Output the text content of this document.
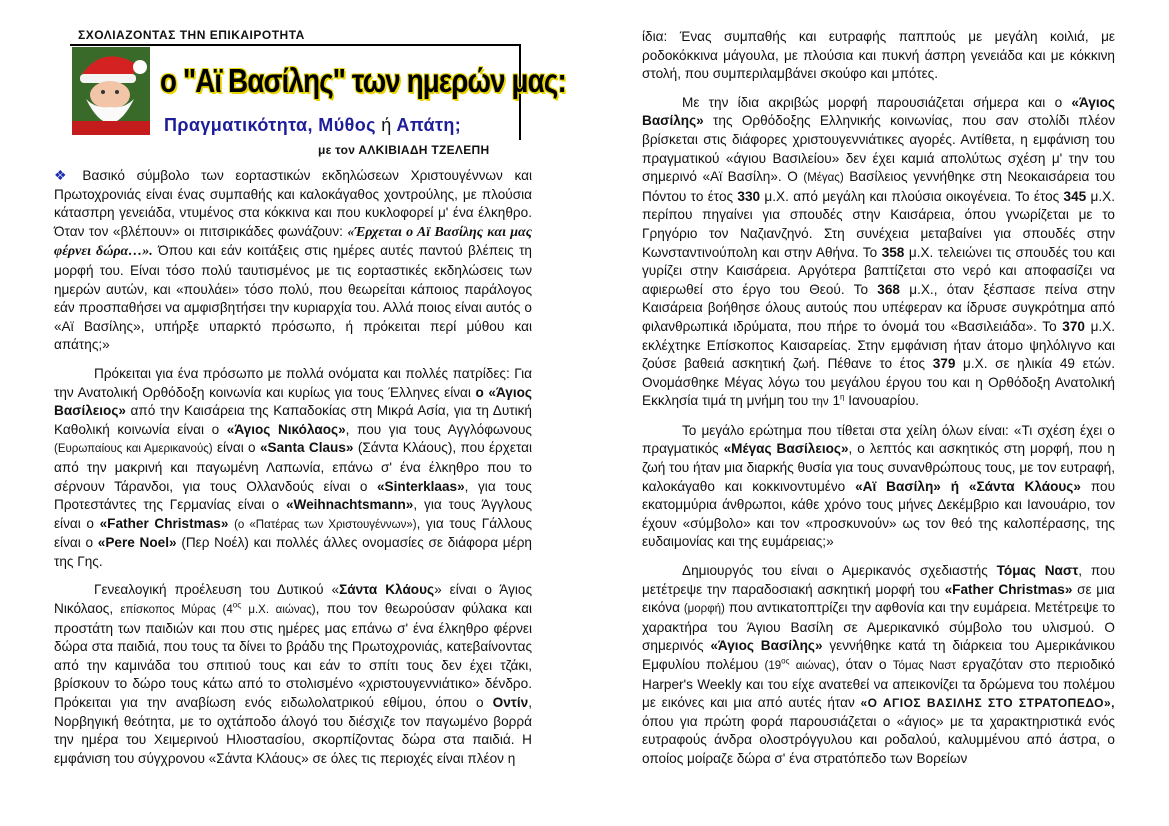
ΣΧΟΛΙΑΖΟΝΤΑΣ ΤΗΝ ΕΠΙΚΑΙΡΟΤΗΤΑ
ο "Αϊ Βασίλης" των ημερών μας:
Πραγματικότητα, Μύθος ή Απάτη;
με τον ΑΛΚΙΒΙΑΔΗ ΤΖΕΛΕΠΗ

❖ Βασικό σύμβολο των εορταστικών εκδηλώσεων Χριστουγέννων και Πρωτοχρονιάς είναι ένας συμπαθής και καλοκάγαθος χοντρούλης, με πλούσια κάτασπρη γενειάδα, ντυμένος στα κόκκινα και που κυκλοφορεί μ' ένα έλκηθρο. Όταν τον «βλέπουν» οι πιτσιρικάδες φωνάζουν: «Έρχεται ο Αϊ Βασίλης και μας φέρνει δώρα…». Όπου και εάν κοιτάξεις στις ημέρες αυτές παντού βλέπεις τη μορφή του. Είναι τόσο πολύ ταυτισμένος με τις εορταστικές εκδηλώσεις των ημερών αυτών, και «πουλάει» τόσο πολύ, που θεωρείται κάποιος παράλογος εάν προσπαθήσει να αμφισβητήσει την κυριαρχία του. Αλλά ποιος είναι αυτός ο «Αϊ Βασίλης», υπήρξε υπαρκτό πρόσωπο, ή πρόκειται περί μύθου και απάτης;»

Πρόκειται για ένα πρόσωπο με πολλά ονόματα και πολλές πατρίδες: Για την Ανατολική Ορθόδοξη κοινωνία και κυρίως για τους Έλληνες είναι ο «Άγιος Βασίλειος» από την Καισάρεια της Καπαδοκίας στη Μικρά Ασία, για τη Δυτική Καθολική κοινωνία είναι ο «Άγιος Νικόλαος», που για τους Αγγλόφωνους (Ευρωπαίους και Αμερικανούς) είναι ο «Santa Claus» (Σάντα Κλάους), που έρχεται από την μακρινή και παγωμένη Λαπωνία, επάνω σ' ένα έλκηθρο που το σέρνουν Τάρανδοι, για τους Ολλανδούς είναι ο «Sinterklaas», για τους Προτεστάντες της Γερμανίας είναι ο «Weihnachtsmann», για τους Άγγλους είναι ο «Father Christmas» (ο «Πατέρας των Χριστουγέννων»), για τους Γάλλους είναι ο «Pere Noel» (Περ Νοέλ) και πολλές άλλες ονομασίες σε διάφορα μέρη της Γης.

Γενεαλογική προέλευση του Δυτικού «Σάντα Κλάους» είναι ο Άγιος Νικόλαος, επίσκοπος Μύρας ($4^{o\varsigma}$ μ.Χ. αιώνας), που τον θεωρούσαν φύλακα και προστάτη των παιδιών και που στις ημέρες μας επάνω σ' ένα έλκηθρο φέρνει δώρα στα παιδιά, που τους τα δίνει το βράδυ της Πρωτοχρονιάς, κατεβαίνοντας από την καμινάδα του σπιτιού τους και εάν το σπίτι τους δεν έχει τζάκι, βρίσκουν το δώρο τους κάτω από το στολισμένο «χριστουγεννιάτικο» δένδρο. Πρόκειται για την αναβίωση ενός ειδωλολατρικού εθίμου, όπου ο Οντίν, Νορβηγική θεότητα, με το οχτάποδο άλογό του διέσχιζε τον παγωμένο βορρά την ημέρα του Χειμερινού Ηλιοστασίου, σκορπίζοντας δώρα στα παιδιά. Η εμφάνιση του σύγχρονου «Σάντα Κλάους» σε όλες τις περιοχές είναι πλέον η

ίδια: Ένας συμπαθής και ευτραφής παππούς με μεγάλη κοιλιά, με ροδοκόκκινα μάγουλα, με πλούσια και πυκνή άσπρη γενειάδα και με κόκκινη στολή, που συμπεριλαμβάνει σκούφο και μπότες.

Με την ίδια ακριβώς μορφή παρουσιάζεται σήμερα και ο «Άγιος Βασίλης» της Ορθόδοξης Ελληνικής κοινωνίας, που σαν στολίδι πλέον βρίσκεται στις διάφορες χριστουγεννιάτικες αγορές. Αντίθετα, η εμφάνιση του πραγματικού «άγιου Βασιλείου» δεν έχει καμιά απολύτως σχέση μ' την του σημερινό «Αϊ Βασίλη». Ο (Μέγας) Βασίλειος γεννήθηκε στη Νεοκαισάρεια του Πόντου το έτος 330 μ.Χ. από μεγάλη και πλούσια οικογένεια. Το έτος 345 μ.Χ. περίπου πηγαίνει για σπουδές στην Καισάρεια, όπου γνωρίζεται με το Γρηγόριο τον Ναζιανζηνό. Στη συνέχεια μεταβαίνει για σπουδές στην Κωνσταντινούπολη και στην Αθήνα. Το 358 μ.Χ. τελειώνει τις σπουδές του και γυρίζει στην Καισάρεια. Αργότερα βαπτίζεται στο νερό και αποφασίζει να αφιερωθεί στο έργο του Θεού. Το 368 μ.Χ., όταν ξέσπασε πείνα στην Καισάρεια βοήθησε όλους αυτούς που υπέφεραν κα ίδρυσε συγκρότημα από φιλανθρωπικά ιδρύματα, που πήρε το όνομά του «Βασιλειάδα». Το 370 μ.Χ. εκλέχτηκε Επίσκοπος Καισαρείας. Στην εμφάνιση ήταν άτομο ψηλόλιγνο και ζούσε βαθειά ασκητική ζωή. Πέθανε το έτος 379 μ.Χ. σε ηλικία 49 ετών. Ονομάσθηκε Μέγας λόγω του μεγάλου έργου του και η Ορθόδοξη Ανατολική Εκκλησία τιμά τη μνήμη του την $1^\eta$ Ιανουαρίου.

Το μεγάλο ερώτημα που τίθεται στα χείλη όλων είναι: «Τι σχέση έχει ο πραγματικός «Μέγας Βασίλειος», ο λεπτός και ασκητικός στη μορφή, που η ζωή του ήταν μια διαρκής θυσία για τους συνανθρώπους τους, με τον ευτραφή, καλοκάγαθο και κοκκινοντυμένο «Αϊ Βασίλη» ή «Σάντα Κλάους» που εκατομμύρια άνθρωποι, κάθε χρόνο τους μήνες Δεκέμβριο και Ιανουάριο, τον έχουν «σύμβολο» και τον «προσκυνούν» ως τον θεό της καλοπέρασης, της ευδαιμονίας και της ευμάρειας;»

Δημιουργός του είναι ο Αμερικανός σχεδιαστής Τόμας Ναστ, που μετέτρεψε την παραδοσιακή ασκητική μορφή του «Father Christmas» σε μια εικόνα (μορφή) που αντικατοπτρίζει την αφθονία και την ευμάρεια. Μετέτρεψε το χαρακτήρα του Άγιου Βασίλη σε Αμερικανικό σύμβολο του υλισμού. Ο σημερινός «Άγιος Βασίλης» γεννήθηκε κατά τη διάρκεια του Αμερικάνικου Εμφυλίου πολέμου ($19^{o\varsigma}$ αιώνας), όταν ο Τόμας Ναστ εργαζόταν στο περιοδικό Harper's Weekly και του είχε ανατεθεί να απεικονίζει τα δρώμενα του πολέμου με εικόνες και μια από αυτές ήταν «Ο ΑΓΙΟΣ ΒΑΣΙΛΗΣ ΣΤΟ ΣΤΡΑΤΟΠΕΔΟ», όπου για πρώτη φορά παρουσιάζεται ο «άγιος» με τα χαρακτηριστικά ενός ευτραφούς άνδρα ολοστρόγγυλου και ροδαλού, καλυμμένου από άστρα, ο οποίος μοίραζε δώρα σ' ένα στρατόπεδο των Βορείων
